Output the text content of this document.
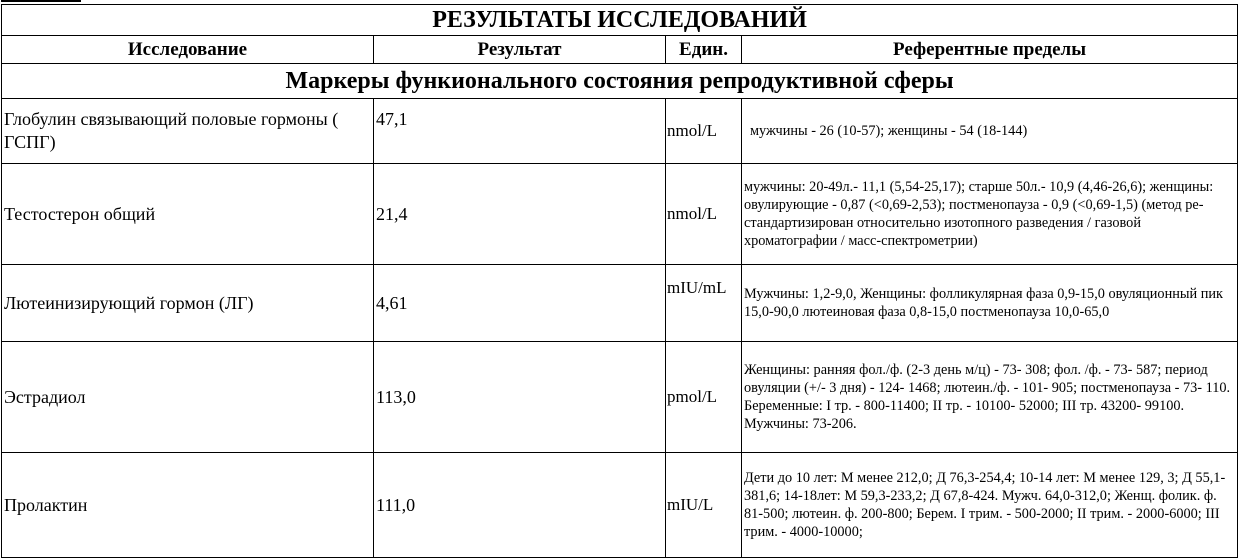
РЕЗУЛЬТАТЫ ИССЛЕДОВАНИЙ			
Исследование	Результат	Един.	Референтные пределы
Маркеры функионального состояния репродуктивной сферы			
Глобулин связывающий половые гормоны ( ГСПГ)	47,1	nmol/L	мужчины - 26 (10-57); женщины - 54 (18-144)
Тестостерон общий	21,4	nmol/L	мужчины: 20-49л.- 11,1 (5,54-25,17); старше 50л.- 10,9 (4,46-26,6); женщины: овулирующие - 0,87 (<0,69-2,53); постменопауза - 0,9 (<0,69-1,5) (метод ре-стандартизирован относительно изотопного разведения / газовой хроматографии / масс-спектрометрии)
Лютеинизирующий гормон (ЛГ)	4,61	mIU/mL	Мужчины: 1,2-9,0, Женщины: фолликулярная фаза 0,9-15,0 овуляционный пик 15,0-90,0 лютеиновая фаза 0,8-15,0 постменопауза 10,0-65,0
Эстрадиол	113,0	pmol/L	Женщины: ранняя фол./ф. (2-3 день м/ц) - 73- 308; фол. /ф. - 73- 587; период овуляции (+/- 3 дня) - 124- 1468; лютеин./ф. - 101- 905; постменопауза - 73- 110. Беременные: I тр. - 800-11400; II тр. - 10100- 52000; III тр. 43200- 99100. Мужчины: 73-206.
Пролактин	111,0	mIU/L	Дети до 10 лет: М менее 212,0; Д 76,3-254,4; 10-14 лет: М менее 129, 3; Д 55,1-381,6; 14-18лет: М 59,3-233,2; Д 67,8-424. Мужч. 64,0-312,0; Женщ. фолик. ф. 81-500; лютеин. ф. 200-800; Берем. I трим. - 500-2000; II трим. - 2000-6000; III трим. - 4000-10000;
